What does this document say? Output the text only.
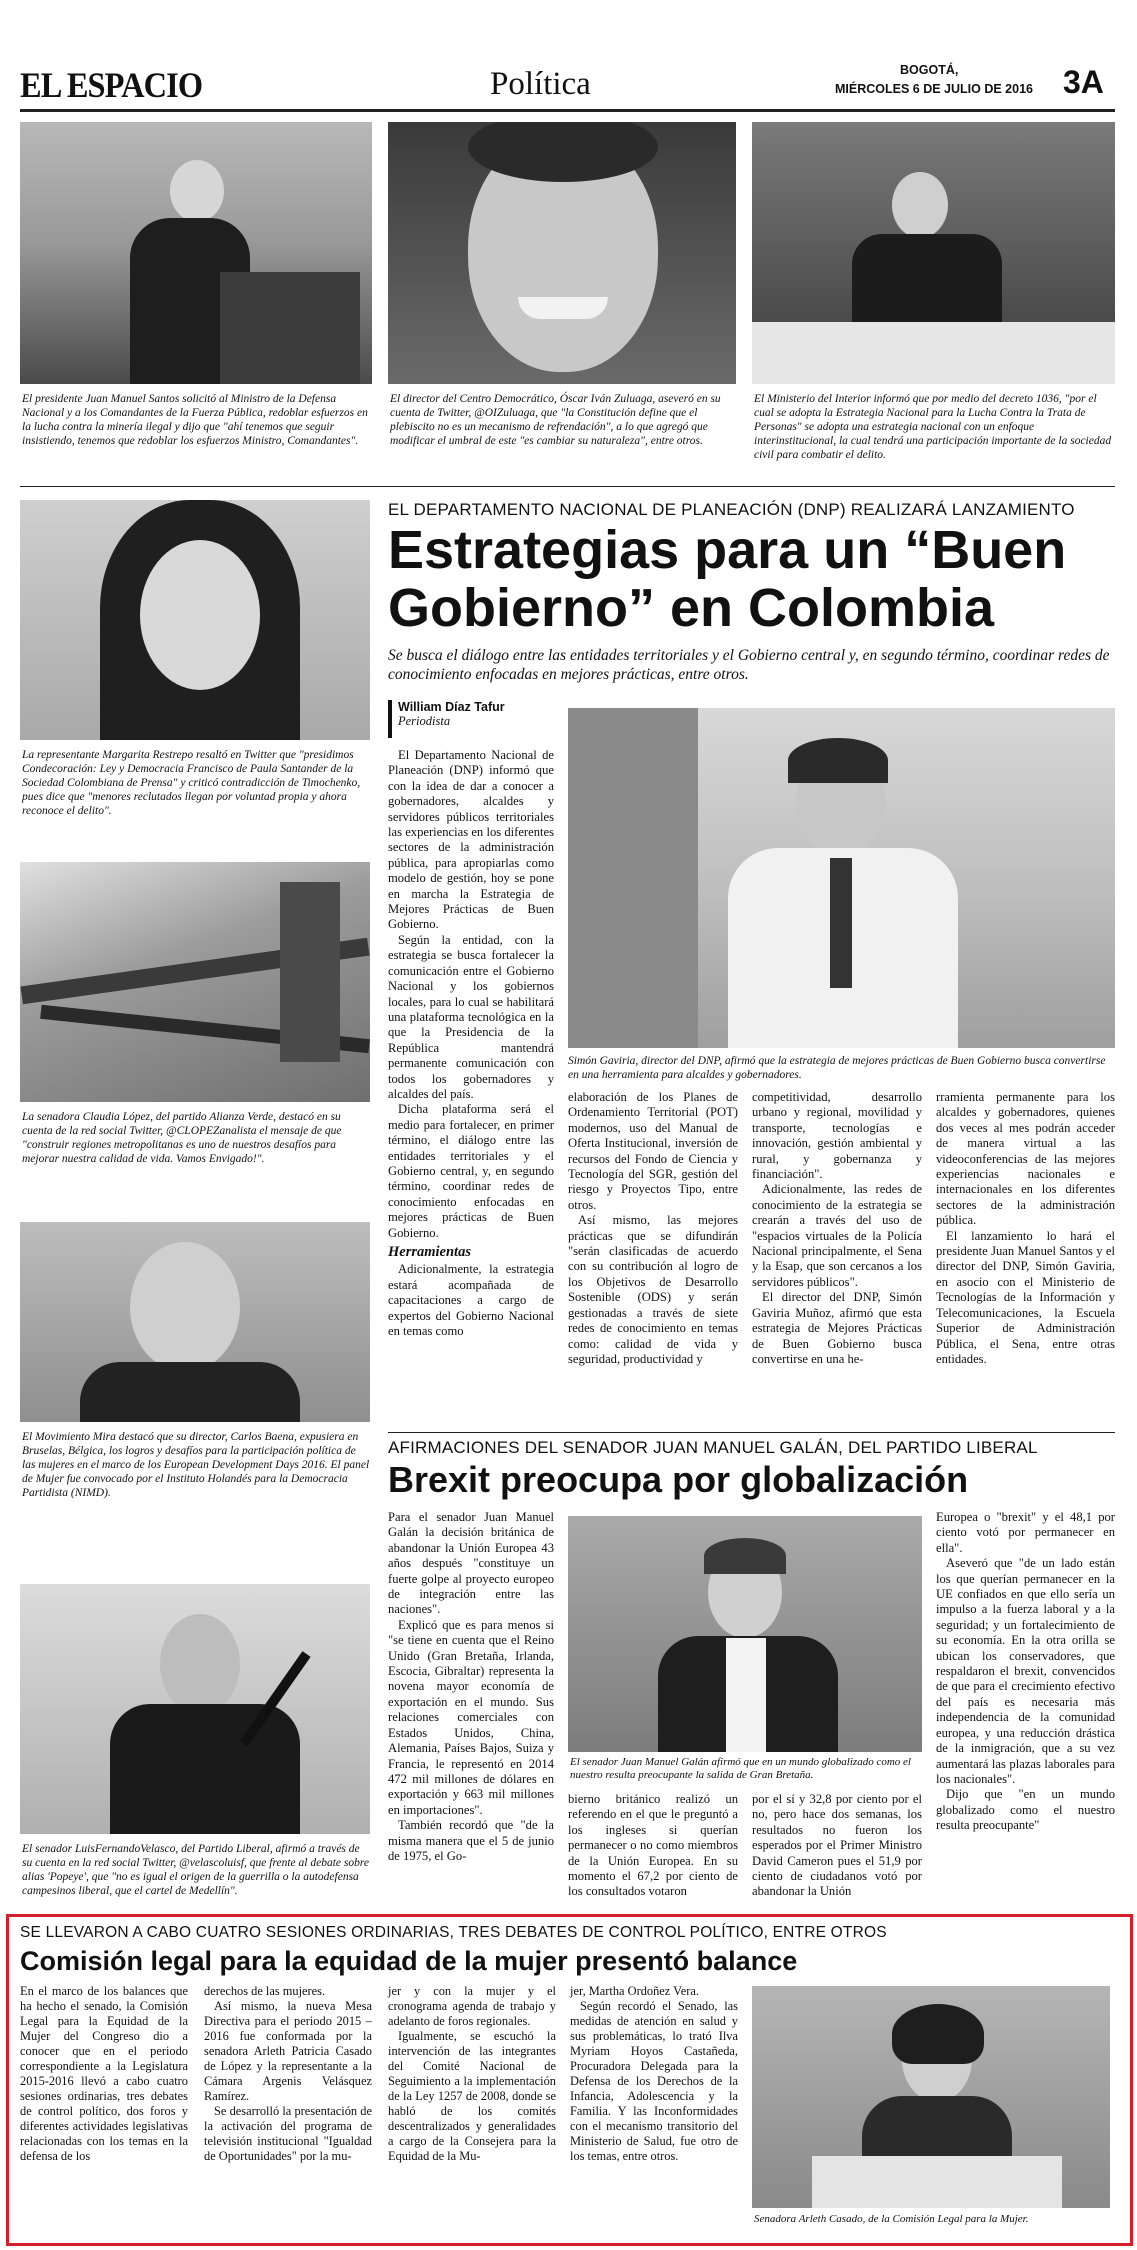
EL ESPACIO	Política	BOGOTÁ,
MIÉRCOLES 6 DE JULIO DE 2016 3A
El presidente Juan Manuel Santos solicitó al Ministro de la Defensa Nacional y a los Comandantes de la Fuerza Pública, redoblar esfuerzos en la lucha contra la minería ilegal y dijo que "ahí tenemos que seguir insistiendo, tenemos que redoblar los esfuerzos Ministro, Comandantes".
El director del Centro Democrático, Óscar Iván Zuluaga, aseveró en su cuenta de Twitter, @OIZuluaga, que "la Constitución define que el plebiscito no es un mecanismo de refrendación", a lo que agregó que modificar el umbral de este "es cambiar su naturaleza", entre otros.
El Ministerio del Interior informó que por medio del decreto 1036, "por el cual se adopta la Estrategia Nacional para la Lucha Contra la Trata de Personas" se adopta una estrategia nacional con un enfoque interinstitucional, la cual tendrá una participación importante de la sociedad civil para combatir el delito.
La representante Margarita Restrepo resaltó en Twitter que "presidimos Condecoración: Ley y Democracia Francisco de Paula Santander de la Sociedad Colombiana de Prensa" y criticó contradicción de Timochenko, pues dice que "menores reclutados llegan por voluntad propia y ahora reconoce el delito".
La senadora Claudia López, del partido Alianza Verde, destacó en su cuenta de la red social Twitter, @CLOPEZanalista el mensaje de que "construir regiones metropolitanas es uno de nuestros desafíos para mejorar nuestra calidad de vida. Vamos Envigado!".
El Movimiento Mira destacó que su director, Carlos Baena, expusiera en Bruselas, Bélgica, los logros y desafíos para la participación política de las mujeres en el marco de los European Development Days 2016. El panel de Mujer fue convocado por el Instituto Holandés para la Democracia Partidista (NIMD).
El senador LuisFernandoVelasco, del Partido Liberal, afirmó a través de su cuenta en la red social Twitter, @velascoluisf, que frente al debate sobre alias 'Popeye', que "no es igual el origen de la guerrilla o la autodefensa campesinos liberal, que el cartel de Medellín".
EL DEPARTAMENTO NACIONAL DE PLANEACIÓN (DNP) REALIZARÁ LANZAMIENTO
Estrategias para un “Buen
Gobierno” en Colombia
Se busca el diálogo entre las entidades territoriales y el Gobierno central y, en segundo término, coordinar redes de conocimiento enfocadas en mejores prácticas, entre otros.
William Díaz Tafur
Periodista

El Departamento Nacional de Planeación (DNP) informó que con la idea de dar a conocer a gobernadores, alcaldes y servidores públicos territoriales las experiencias en los diferentes sectores de la administración pública, para apropiarlas como modelo de gestión, hoy se pone en marcha la Estrategia de Mejores Prácticas de Buen Gobierno.

Según la entidad, con la estrategia se busca fortalecer la comunicación entre el Gobierno Nacional y los gobiernos locales, para lo cual se habilitará una plataforma tecnológica en la que la Presidencia de la República mantendrá permanente comunicación con todos los gobernadores y alcaldes del país.

Dicha plataforma será el medio para fortalecer, en primer término, el diálogo entre las entidades territoriales y el Gobierno central, y, en segundo término, coordinar redes de conocimiento enfocadas en mejores prácticas de Buen Gobierno.

Herramientas

Adicionalmente, la estrategia estará acompañada de capacitaciones a cargo de expertos del Gobierno Nacional en temas como

Simón Gaviria, director del DNP, afirmó que la estrategia de mejores prácticas de Buen Gobierno busca convertirse en una herramienta para alcaldes y gobernadores.

elaboración de los Planes de Ordenamiento Territorial (POT) modernos, uso del Manual de Oferta Institucional, inversión de recursos del Fondo de Ciencia y Tecnología del SGR, gestión del riesgo y Proyectos Tipo, entre otros.

Así mismo, las mejores prácticas que se difundirán "serán clasificadas de acuerdo con su contribución al logro de los Objetivos de Desarrollo Sostenible (ODS) y serán gestionadas a través de siete redes de conocimiento en temas como: calidad de vida y seguridad, productividad y

competitividad, desarrollo urbano y regional, movilidad y transporte, tecnologías e innovación, gestión ambiental y rural, y gobernanza y financiación".

Adicionalmente, las redes de conocimiento de la estrategia se crearán a través del uso de "espacios virtuales de la Policía Nacional principalmente, el Sena y la Esap, que son cercanos a los servidores públicos".

El director del DNP, Simón Gaviria Muñoz, afirmó que esta estrategia de Mejores Prácticas de Buen Gobierno busca convertirse en una he-

rramienta permanente para los alcaldes y gobernadores, quienes dos veces al mes podrán acceder de manera virtual a las videoconferencias de las mejores experiencias nacionales e internacionales en los diferentes sectores de la administración pública.

El lanzamiento lo hará el presidente Juan Manuel Santos y el director del DNP, Simón Gaviria, en asocio con el Ministerio de Tecnologías de la Información y Telecomunicaciones, la Escuela Superior de Administración Pública, el Sena, entre otras entidades.

AFIRMACIONES DEL SENADOR JUAN MANUEL GALÁN, DEL PARTIDO LIBERAL
Brexit preocupa por globalización

Para el senador Juan Manuel Galán la decisión británica de abandonar la Unión Europea 43 años después "constituye un fuerte golpe al proyecto europeo de integración entre las naciones".

Explicó que es para menos si "se tiene en cuenta que el Reino Unido (Gran Bretaña, Irlanda, Escocia, Gibraltar) representa la novena mayor economía de exportación en el mundo. Sus relaciones comerciales con Estados Unidos, China, Alemania, Países Bajos, Suiza y Francia, le representó en 2014 472 mil millones de dólares en exportación y 663 mil millones en importaciones".

También recordó que "de la misma manera que el 5 de junio de 1975, el Go-

El senador Juan Manuel Galán afirmó que en un mundo globalizado como el nuestro resulta preocupante la salida de Gran Bretaña.

bierno británico realizó un referendo en el que le preguntó a los ingleses si querían permanecer o no como miembros de la Unión Europea. En su momento el 67,2 por ciento de los consultados votaron

por el sí y 32,8 por ciento por el no, pero hace dos semanas, los resultados no fueron los esperados por el Primer Ministro David Cameron pues el 51,9 por ciento de ciudadanos votó por abandonar la Unión

Europea o "brexit" y el 48,1 por ciento votó por permanecer en ella".

Aseveró que "de un lado están los que querían permanecer en la UE confiados en que ello sería un impulso a la fuerza laboral y a la seguridad; y un fortalecimiento de su economía. En la otra orilla se ubican los conservadores, que respaldaron el brexit, convencidos de que para el crecimiento efectivo del país es necesaria más independencia de la comunidad europea, y una reducción drástica de la inmigración, que a su vez aumentará las plazas laborales para los nacionales".

Dijo que "en un mundo globalizado como el nuestro resulta preocupante"

SE LLEVARON A CABO CUATRO SESIONES ORDINARIAS, TRES DEBATES DE CONTROL POLÍTICO, ENTRE OTROS
Comisión legal para la equidad de la mujer presentó balance

En el marco de los balances que ha hecho el senado, la Comisión Legal para la Equidad de la Mujer del Congreso dio a conocer que en el periodo correspondiente a la Legislatura 2015-2016 llevó a cabo cuatro sesiones ordinarias, tres debates de control político, dos foros y diferentes actividades legislativas relacionadas con los temas en la defensa de los

derechos de las mujeres.

Así mismo, la nueva Mesa Directiva para el periodo 2015 – 2016 fue conformada por la senadora Arleth Patricia Casado de López y la representante a la Cámara Argenis Velásquez Ramírez.

Se desarrolló la presentación de la activación del programa de televisión institucional "Igualdad de Oportunidades" por la mu-

jer y con la mujer y el cronograma agenda de trabajo y adelanto de foros regionales.

Igualmente, se escuchó la intervención de las integrantes del Comité Nacional de Seguimiento a la implementación de la Ley 1257 de 2008, donde se habló de los comités descentralizados y generalidades a cargo de la Consejera para la Equidad de la Mu-

jer, Martha Ordoñez Vera.

Según recordó el Senado, las medidas de atención en salud y sus problemáticas, lo trató Ilva Myriam Hoyos Castañeda, Procuradora Delegada para la Defensa de los Derechos de la Infancia, Adolescencia y la Familia. Y las Inconformidades con el mecanismo transitorio del Ministerio de Salud, fue otro de los temas, entre otros.

Senadora Arleth Casado, de la Comisión Legal para la Mujer.
